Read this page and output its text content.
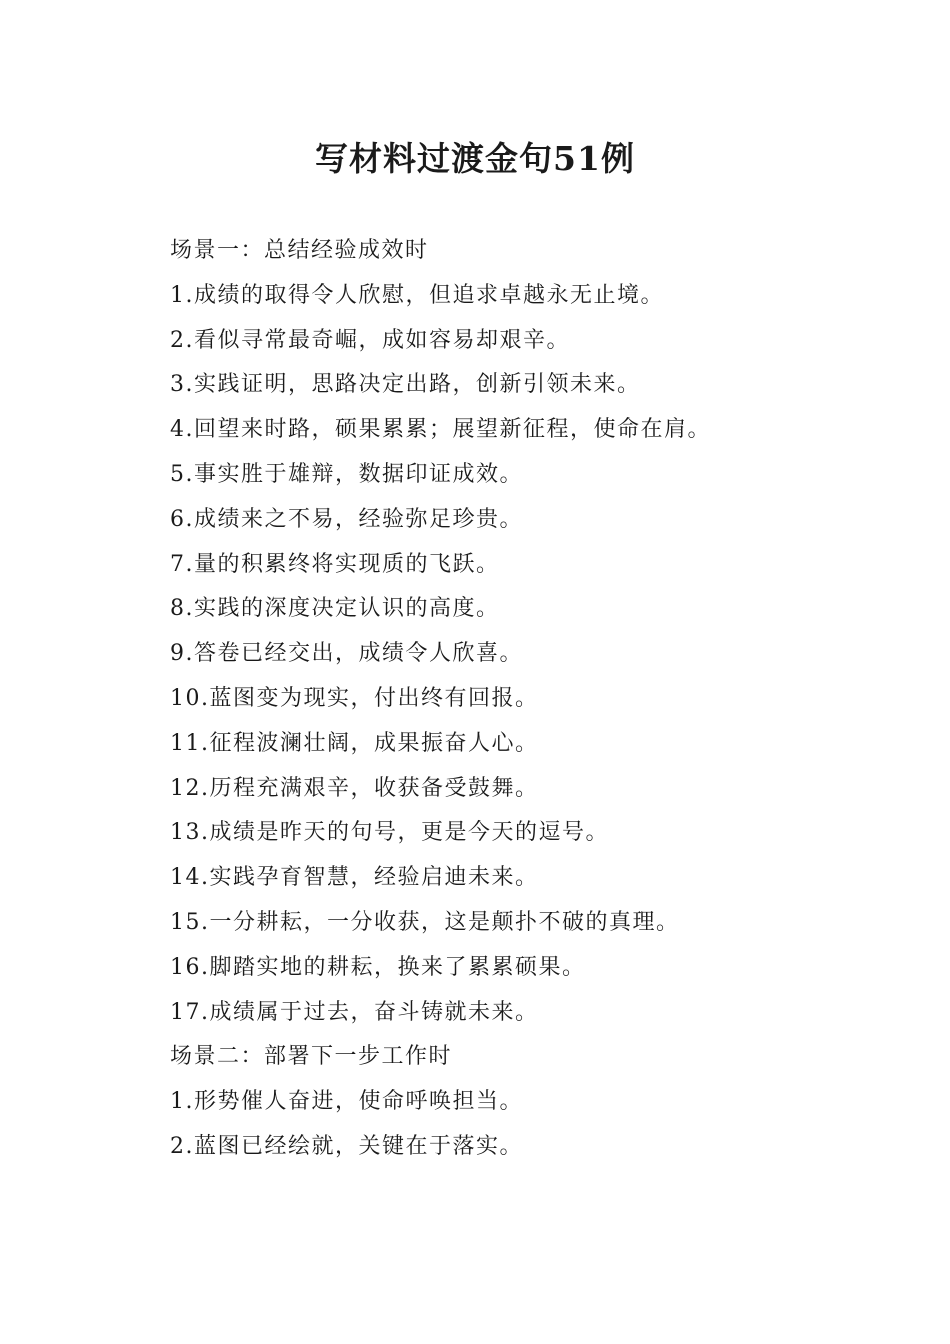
写材料过渡金句51例

场景一：总结经验成效时

1.成绩的取得令人欣慰，但追求卓越永无止境。

2.看似寻常最奇崛，成如容易却艰辛。

3.实践证明，思路决定出路，创新引领未来。

4.回望来时路，硕果累累；展望新征程，使命在肩。

5.事实胜于雄辩，数据印证成效。

6.成绩来之不易，经验弥足珍贵。

7.量的积累终将实现质的飞跃。

8.实践的深度决定认识的高度。

9.答卷已经交出，成绩令人欣喜。

10.蓝图变为现实，付出终有回报。

11.征程波澜壮阔，成果振奋人心。

12.历程充满艰辛，收获备受鼓舞。

13.成绩是昨天的句号，更是今天的逗号。

14.实践孕育智慧，经验启迪未来。

15.一分耕耘，一分收获，这是颠扑不破的真理。

16.脚踏实地的耕耘，换来了累累硕果。

17.成绩属于过去，奋斗铸就未来。

场景二：部署下一步工作时

1.形势催人奋进，使命呼唤担当。

2.蓝图已经绘就，关键在于落实。
